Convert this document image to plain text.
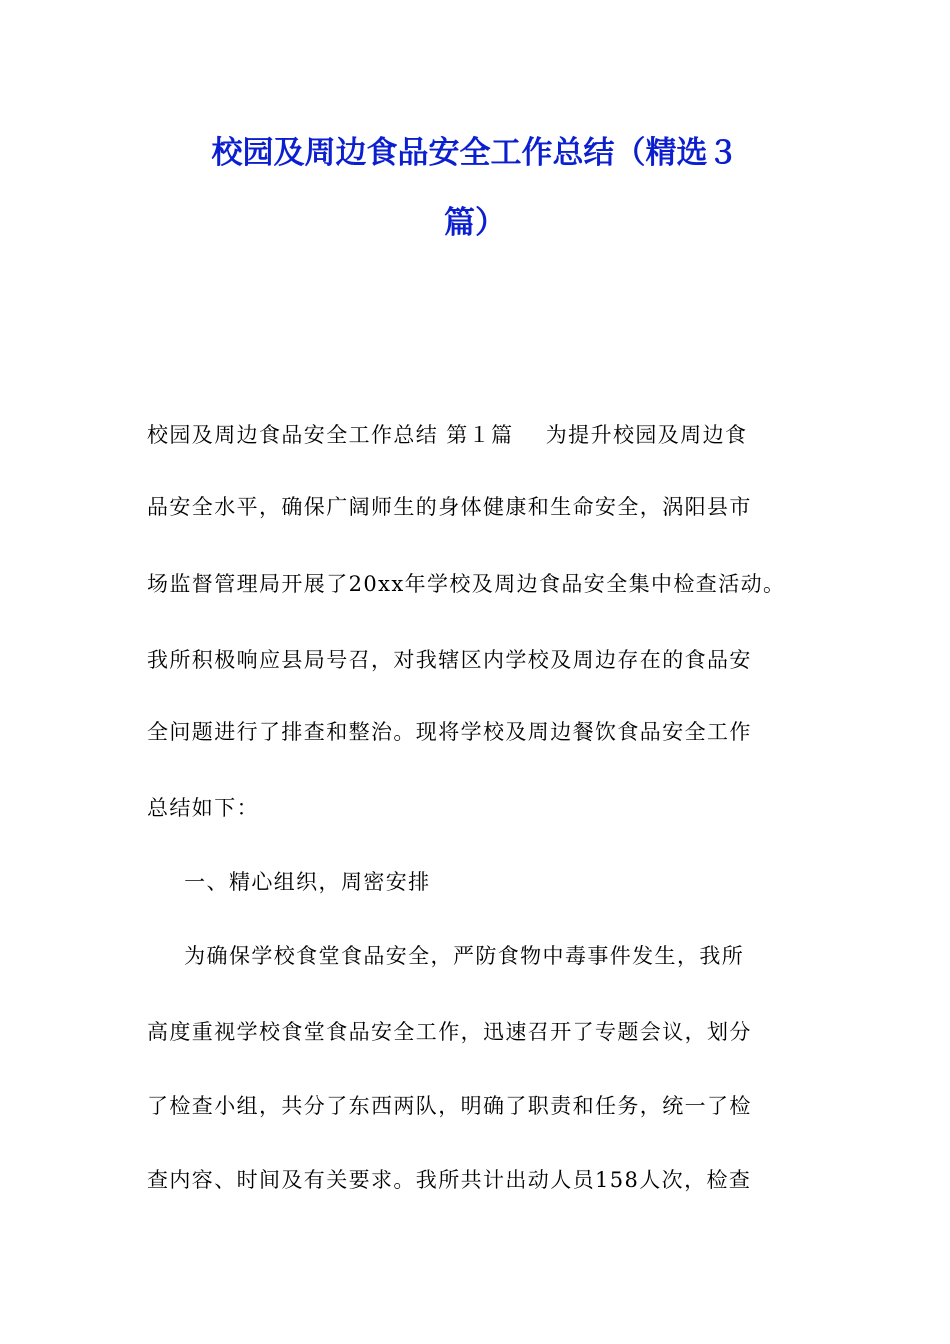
校园及周边食品安全工作总结（精选３
篇）
校园及周边食品安全工作总结 第１篇    为提升校园及周边食
品安全水平，确保广阔师生的身体健康和生命安全，涡阳县市
场监督管理局开展了20xx年学校及周边食品安全集中检查活动。
我所积极响应县局号召，对我辖区内学校及周边存在的食品安
全问题进行了排查和整治。现将学校及周边餐饮食品安全工作
总结如下：
一、精心组织，周密安排
为确保学校食堂食品安全，严防食物中毒事件发生，我所
高度重视学校食堂食品安全工作，迅速召开了专题会议，划分
了检查小组，共分了东西两队，明确了职责和任务，统一了检
查内容、时间及有关要求。我所共计出动人员158人次，检查
